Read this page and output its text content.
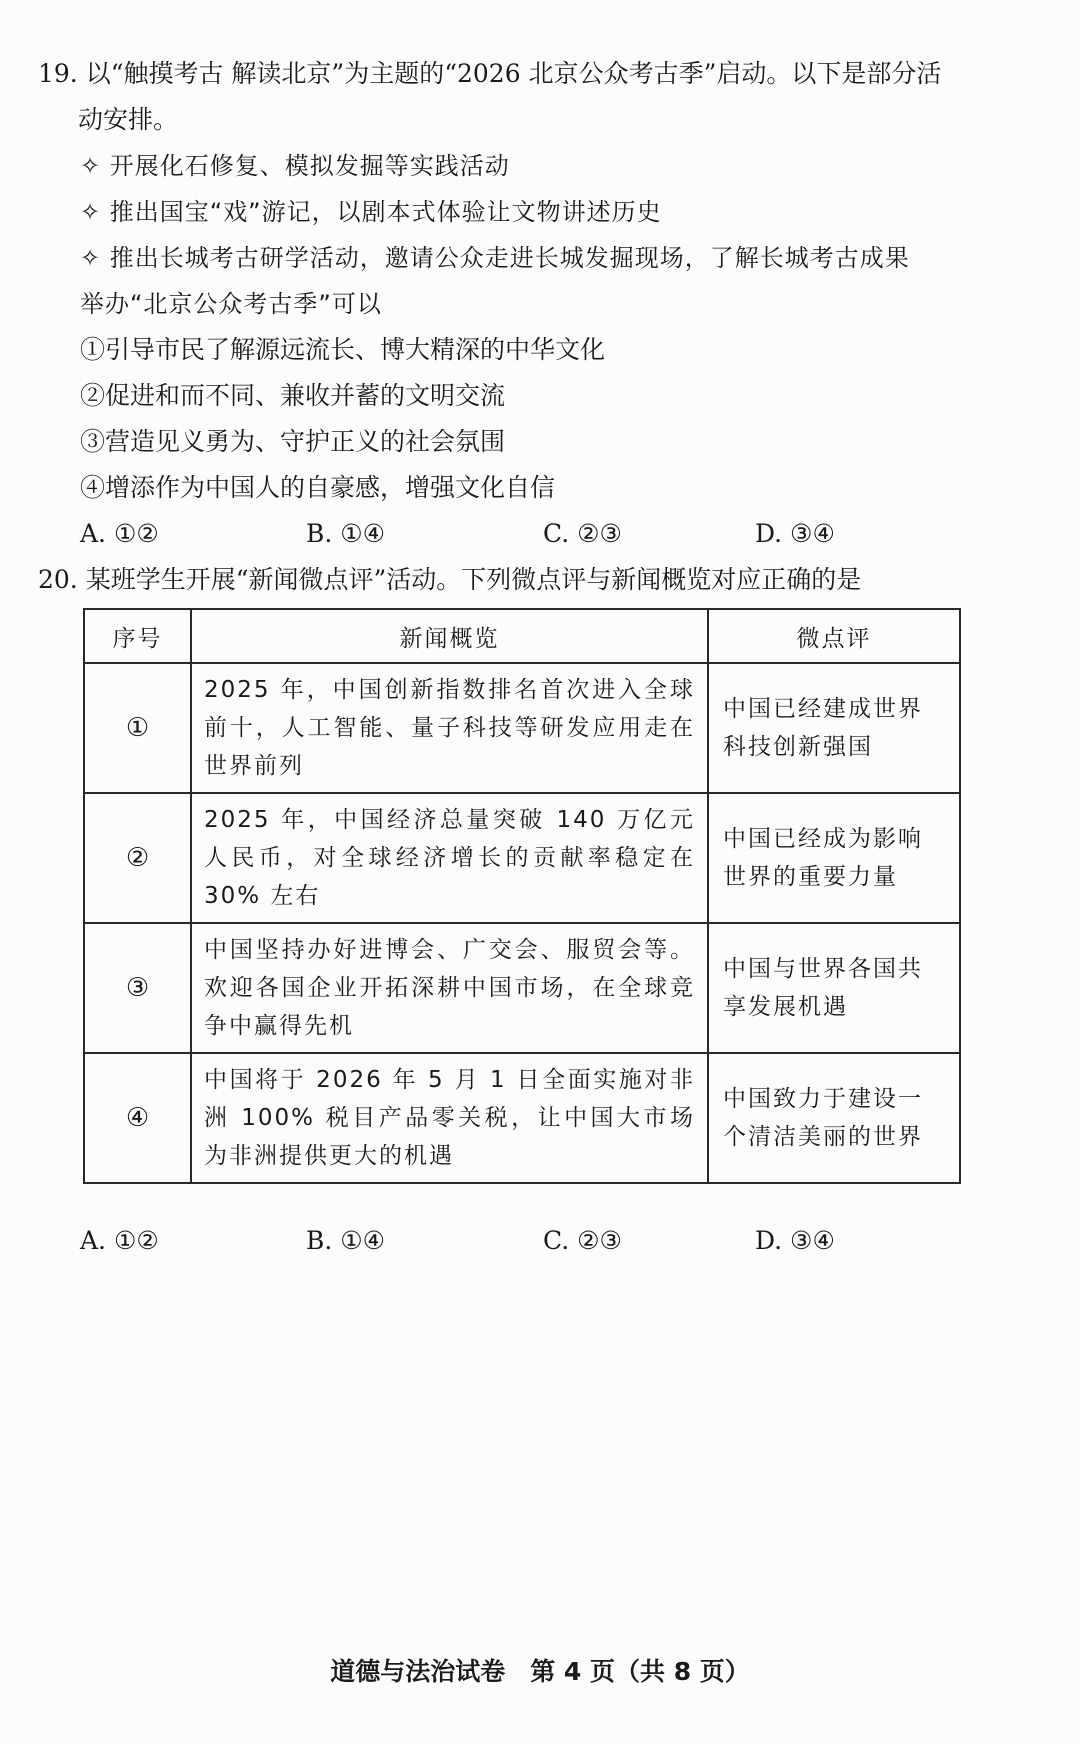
19. 以“触摸考古 解读北京”为主题的“2026 北京公众考古季”启动。以下是部分活
动安排。
✧ 开展化石修复、模拟发掘等实践活动
✧ 推出国宝“戏”游记，以剧本式体验让文物讲述历史
✧ 推出长城考古研学活动，邀请公众走进长城发掘现场，了解长城考古成果
举办“北京公众考古季”可以
①引导市民了解源远流长、博大精深的中华文化
②促进和而不同、兼收并蓄的文明交流
③营造见义勇为、守护正义的社会氛围
④增添作为中国人的自豪感，增强文化自信
A. ①②	B. ①④	C. ②③	D. ③④
20. 某班学生开展“新闻微点评”活动。下列微点评与新闻概览对应正确的是
序号	新闻概览	微点评
①	2025 年，中国创新指数排名首次进入全球前十，人工智能、量子科技等研发应用走在世界前列	中国已经建成世界科技创新强国
②	2025 年，中国经济总量突破 140 万亿元人民币，对全球经济增长的贡献率稳定在 30% 左右	中国已经成为影响世界的重要力量
③	中国坚持办好进博会、广交会、服贸会等。欢迎各国企业开拓深耕中国市场，在全球竞争中赢得先机	中国与世界各国共享发展机遇
④	中国将于 2026 年 5 月 1 日全面实施对非洲 100% 税目产品零关税，让中国大市场为非洲提供更大的机遇	中国致力于建设一个清洁美丽的世界
A. ①②	B. ①④	C. ②③	D. ③④
道德与法治试卷　第 4 页（共 8 页）
